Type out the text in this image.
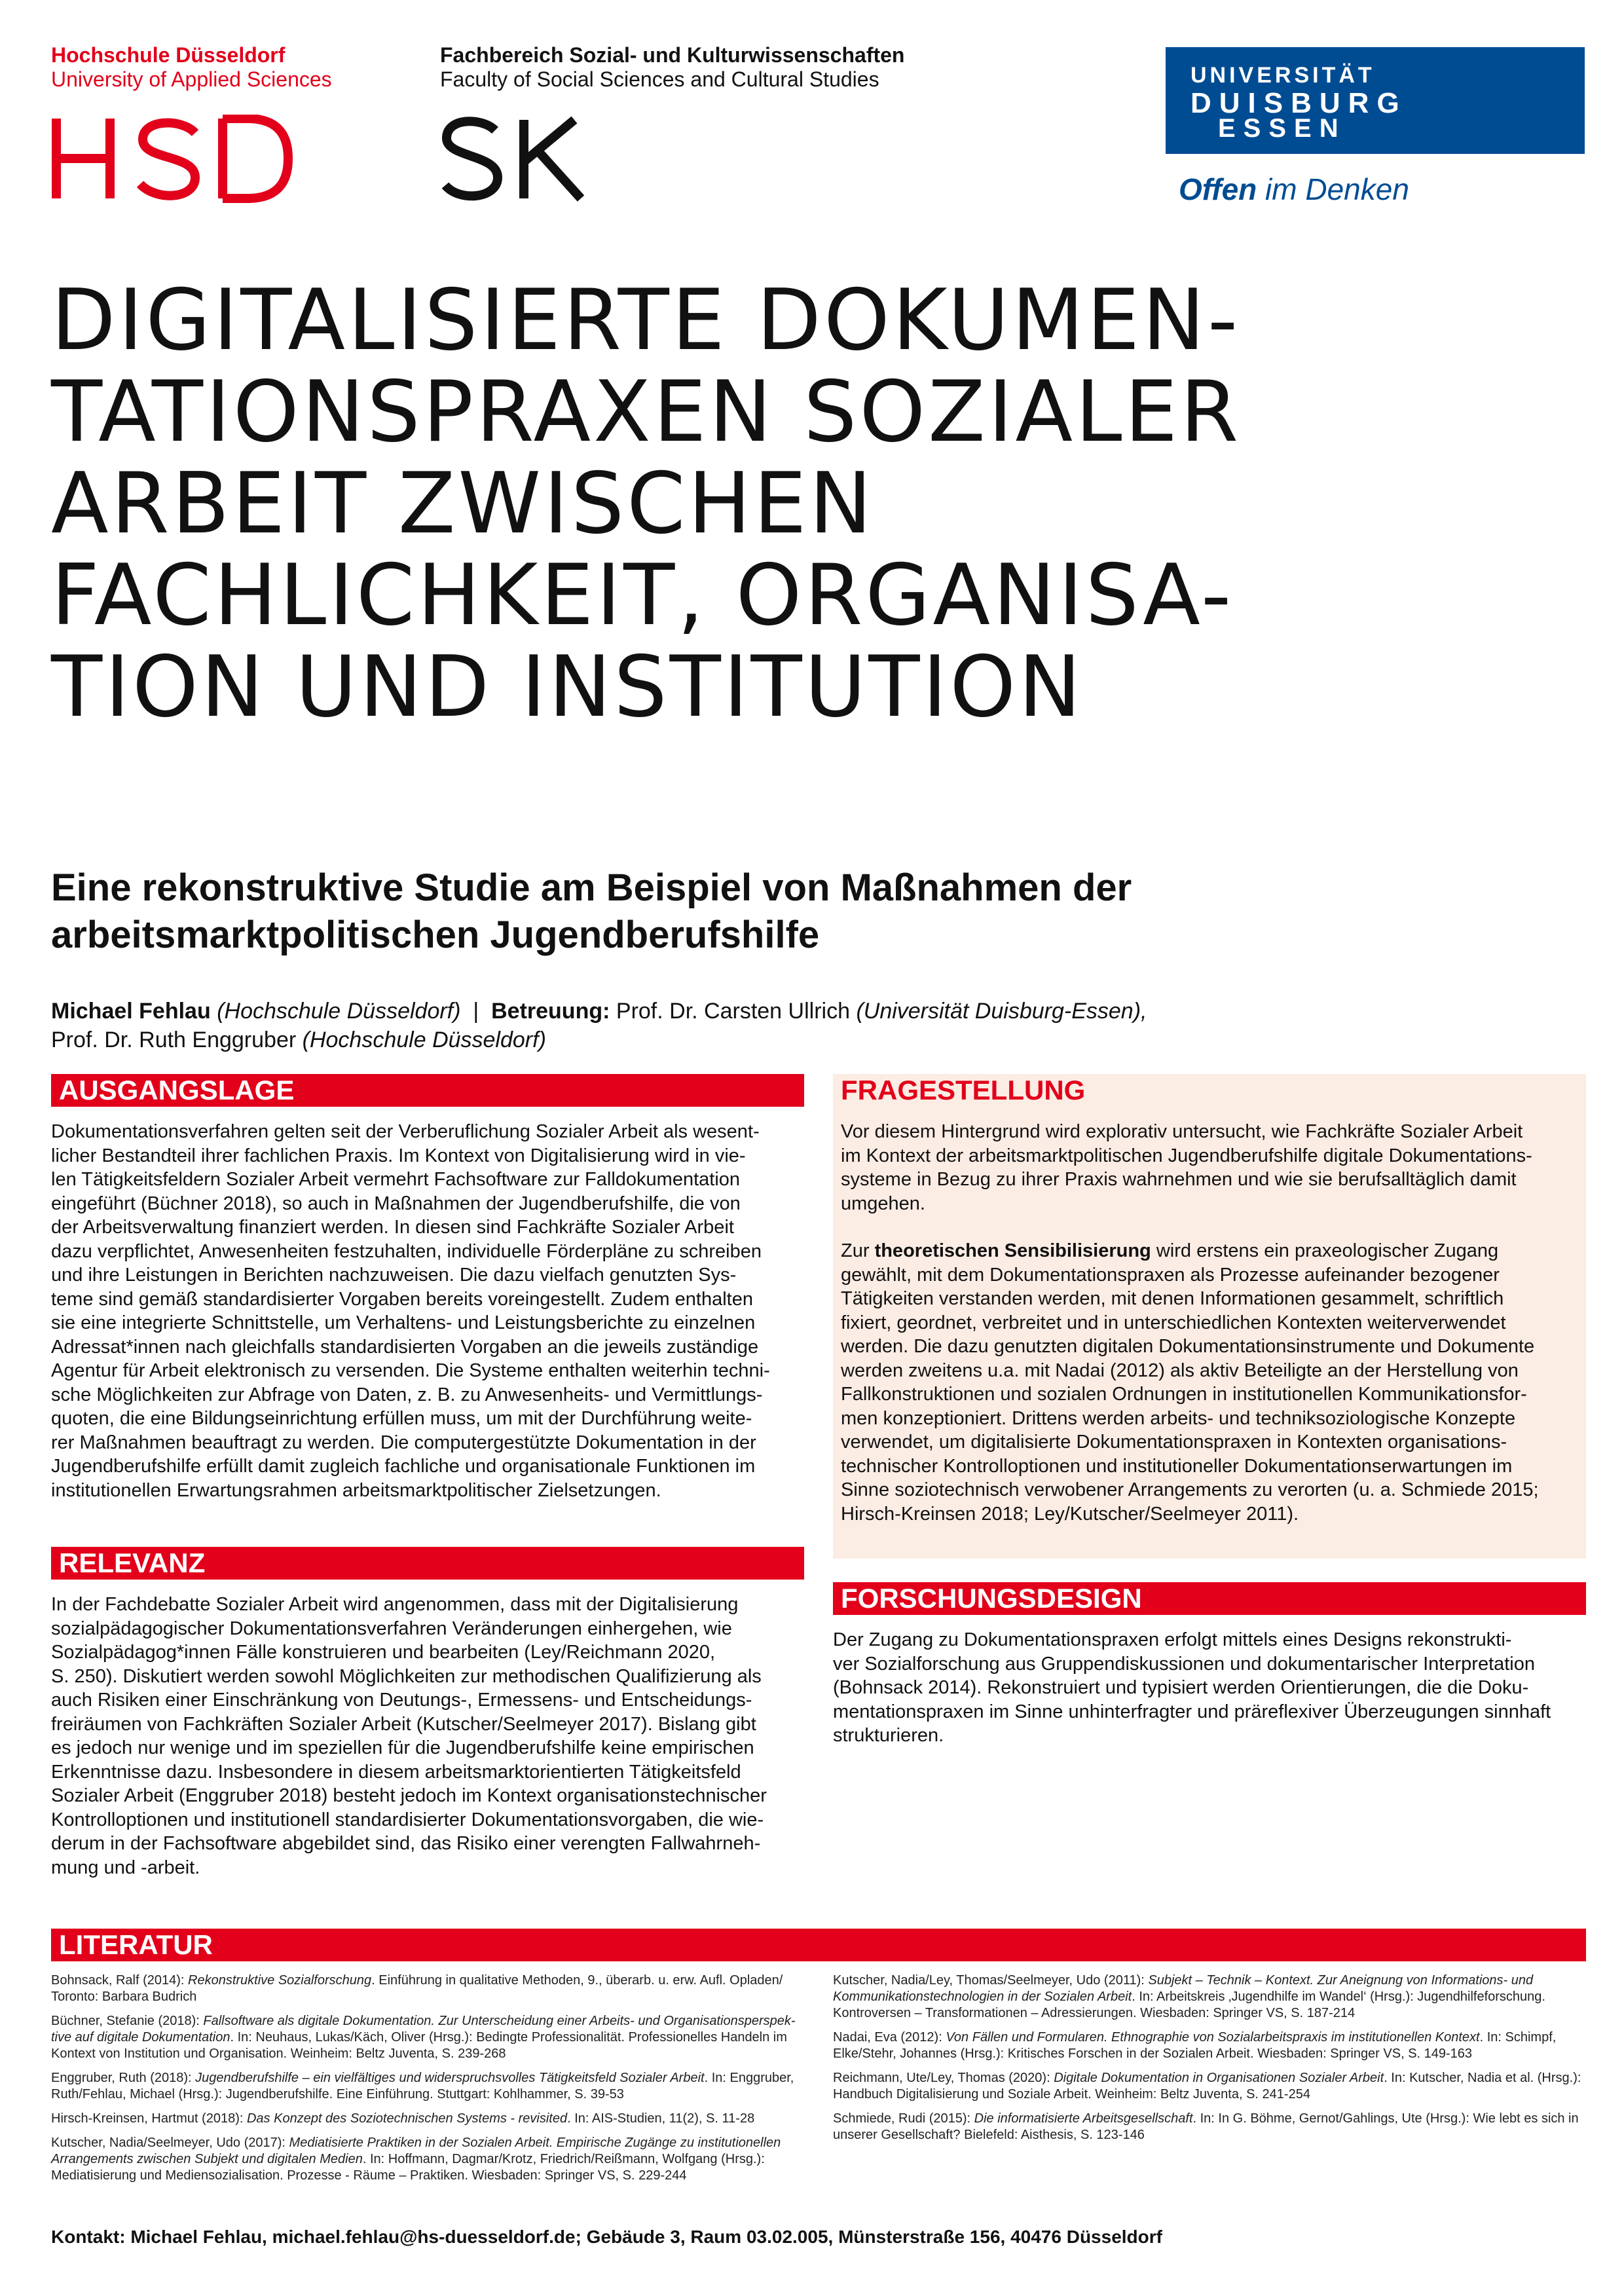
Hochschule Düsseldorf
University of Applied Sciences
Fachbereich Sozial- und Kulturwissenschaften
Faculty of Social Sciences and Cultural Studies	UNIVERSITÄT
DUISBURG
ESSEN
Offen im Denken
DIGITALISIERTE DOKUMEN-
TATIONSPRAXEN SOZIALER
ARBEIT ZWISCHEN
FACHLICHKEIT, ORGANISA-
TION UND INSTITUTION
Eine rekonstruktive Studie am Beispiel von Maßnahmen der
arbeitsmarktpolitischen Jugendberufshilfe
Michael Fehlau (Hochschule Düsseldorf) | Betreuung: Prof. Dr. Carsten Ullrich (Universität Duisburg-Essen),
Prof. Dr. Ruth Enggruber (Hochschule Düsseldorf)
AUSGANGSLAGE
Dokumentationsverfahren gelten seit der Verberuflichung Sozialer Arbeit als wesent-
licher Bestandteil ihrer fachlichen Praxis. Im Kontext von Digitalisierung wird in vie-
len Tätigkeitsfeldern Sozialer Arbeit vermehrt Fachsoftware zur Falldokumentation
eingeführt (Büchner 2018), so auch in Maßnahmen der Jugendberufshilfe, die von
der Arbeitsverwaltung finanziert werden. In diesen sind Fachkräfte Sozialer Arbeit
dazu verpflichtet, Anwesenheiten festzuhalten, individuelle Förderpläne zu schreiben
und ihre Leistungen in Berichten nachzuweisen. Die dazu vielfach genutzten Sys-
teme sind gemäß standardisierter Vorgaben bereits voreingestellt. Zudem enthalten
sie eine integrierte Schnittstelle, um Verhaltens- und Leistungsberichte zu einzelnen
Adressat*innen nach gleichfalls standardisierten Vorgaben an die jeweils zuständige
Agentur für Arbeit elektronisch zu versenden. Die Systeme enthalten weiterhin techni-
sche Möglichkeiten zur Abfrage von Daten, z. B. zu Anwesenheits- und Vermittlungs-
quoten, die eine Bildungseinrichtung erfüllen muss, um mit der Durchführung weite-
rer Maßnahmen beauftragt zu werden. Die computergestützte Dokumentation in der
Jugendberufshilfe erfüllt damit zugleich fachliche und organisationale Funktionen im
institutionellen Erwartungsrahmen arbeitsmarktpolitischer Zielsetzungen.
RELEVANZ
In der Fachdebatte Sozialer Arbeit wird angenommen, dass mit der Digitalisierung
sozialpädagogischer Dokumentationsverfahren Veränderungen einhergehen, wie
Sozialpädagog*innen Fälle konstruieren und bearbeiten (Ley/Reichmann 2020,
S. 250). Diskutiert werden sowohl Möglichkeiten zur methodischen Qualifizierung als
auch Risiken einer Einschränkung von Deutungs-, Ermessens- und Entscheidungs-
freiräumen von Fachkräften Sozialer Arbeit (Kutscher/Seelmeyer 2017). Bislang gibt
es jedoch nur wenige und im speziellen für die Jugendberufshilfe keine empirischen
Erkenntnisse dazu. Insbesondere in diesem arbeitsmarktorientierten Tätigkeitsfeld
Sozialer Arbeit (Enggruber 2018) besteht jedoch im Kontext organisationstechnischer
Kontrolloptionen und institutionell standardisierter Dokumentationsvorgaben, die wie-
derum in der Fachsoftware abgebildet sind, das Risiko einer verengten Fallwahrneh-
mung und -arbeit.
FRAGESTELLUNG
Vor diesem Hintergrund wird explorativ untersucht, wie Fachkräfte Sozialer Arbeit
im Kontext der arbeitsmarktpolitischen Jugendberufshilfe digitale Dokumentations-
systeme in Bezug zu ihrer Praxis wahrnehmen und wie sie berufsalltäglich damit
umgehen.
Zur theoretischen Sensibilisierung wird erstens ein praxeologischer Zugang
gewählt, mit dem Dokumentationspraxen als Prozesse aufeinander bezogener
Tätigkeiten verstanden werden, mit denen Informationen gesammelt, schriftlich
fixiert, geordnet, verbreitet und in unterschiedlichen Kontexten weiterverwendet
werden. Die dazu genutzten digitalen Dokumentationsinstrumente und Dokumente
werden zweitens u.a. mit Nadai (2012) als aktiv Beteiligte an der Herstellung von
Fallkonstruktionen und sozialen Ordnungen in institutionellen Kommunikationsfor-
men konzeptioniert. Drittens werden arbeits- und techniksoziologische Konzepte
verwendet, um digitalisierte Dokumentationspraxen in Kontexten organisations-
technischer Kontrolloptionen und institutioneller Dokumentationserwartungen im
Sinne soziotechnisch verwobener Arrangements zu verorten (u. a. Schmiede 2015;
Hirsch-Kreinsen 2018; Ley/Kutscher/Seelmeyer 2011).
FORSCHUNGSDESIGN
Der Zugang zu Dokumentationspraxen erfolgt mittels eines Designs rekonstrukti-
ver Sozialforschung aus Gruppendiskussionen und dokumentarischer Interpretation
(Bohnsack 2014). Rekonstruiert und typisiert werden Orientierungen, die die Doku-
mentationspraxen im Sinne unhinterfragter und präreflexiver Überzeugungen sinnhaft
strukturieren.
LITERATUR
Bohnsack, Ralf (2014): Rekonstruktive Sozialforschung. Einführung in qualitative Methoden, 9., überarb. u. erw. Aufl. Opladen/ Toronto: Barbara Budrich
Büchner, Stefanie (2018): Fallsoftware als digitale Dokumentation. Zur Unterscheidung einer Arbeits- und Organisationsperspek-tive auf digitale Dokumentation. In: Neuhaus, Lukas/Käch, Oliver (Hrsg.): Bedingte Professionalität. Professionelles Handeln im Kontext von Institution und Organisation. Weinheim: Beltz Juventa, S. 239-268
Enggruber, Ruth (2018): Jugendberufshilfe – ein vielfältiges und widerspruchsvolles Tätigkeitsfeld Sozialer Arbeit. In: Enggruber, Ruth/Fehlau, Michael (Hrsg.): Jugendberufshilfe. Eine Einführung. Stuttgart: Kohlhammer, S. 39-53
Hirsch-Kreinsen, Hartmut (2018): Das Konzept des Soziotechnischen Systems - revisited. In: AIS-Studien, 11(2), S. 11-28
Kutscher, Nadia/Seelmeyer, Udo (2017): Mediatisierte Praktiken in der Sozialen Arbeit. Empirische Zugänge zu institutionellen Arrangements zwischen Subjekt und digitalen Medien. In: Hoffmann, Dagmar/Krotz, Friedrich/Reißmann, Wolfgang (Hrsg.): Mediatisierung und Mediensozialisation. Prozesse - Räume – Praktiken. Wiesbaden: Springer VS, S. 229-244
Kutscher, Nadia/Ley, Thomas/Seelmeyer, Udo (2011): Subjekt – Technik – Kontext. Zur Aneignung von Informations- und Kommunikationstechnologien in der Sozialen Arbeit. In: Arbeitskreis ‚Jugendhilfe im Wandel‘ (Hrsg.): Jugendhilfeforschung. Kontroversen – Transformationen – Adressierungen. Wiesbaden: Springer VS, S. 187-214
Nadai, Eva (2012): Von Fällen und Formularen. Ethnographie von Sozialarbeitspraxis im institutionellen Kontext. In: Schimpf, Elke/Stehr, Johannes (Hrsg.): Kritisches Forschen in der Sozialen Arbeit. Wiesbaden: Springer VS, S. 149-163
Reichmann, Ute/Ley, Thomas (2020): Digitale Dokumentation in Organisationen Sozialer Arbeit. In: Kutscher, Nadia et al. (Hrsg.): Handbuch Digitalisierung und Soziale Arbeit. Weinheim: Beltz Juventa, S. 241-254
Schmiede, Rudi (2015): Die informatisierte Arbeitsgesellschaft. In: In G. Böhme, Gernot/Gahlings, Ute (Hrsg.): Wie lebt es sich in unserer Gesellschaft? Bielefeld: Aisthesis, S. 123-146
Kontakt: Michael Fehlau, michael.fehlau@hs-duesseldorf.de; Gebäude 3, Raum 03.02.005, Münsterstraße 156, 40476 Düsseldorf
